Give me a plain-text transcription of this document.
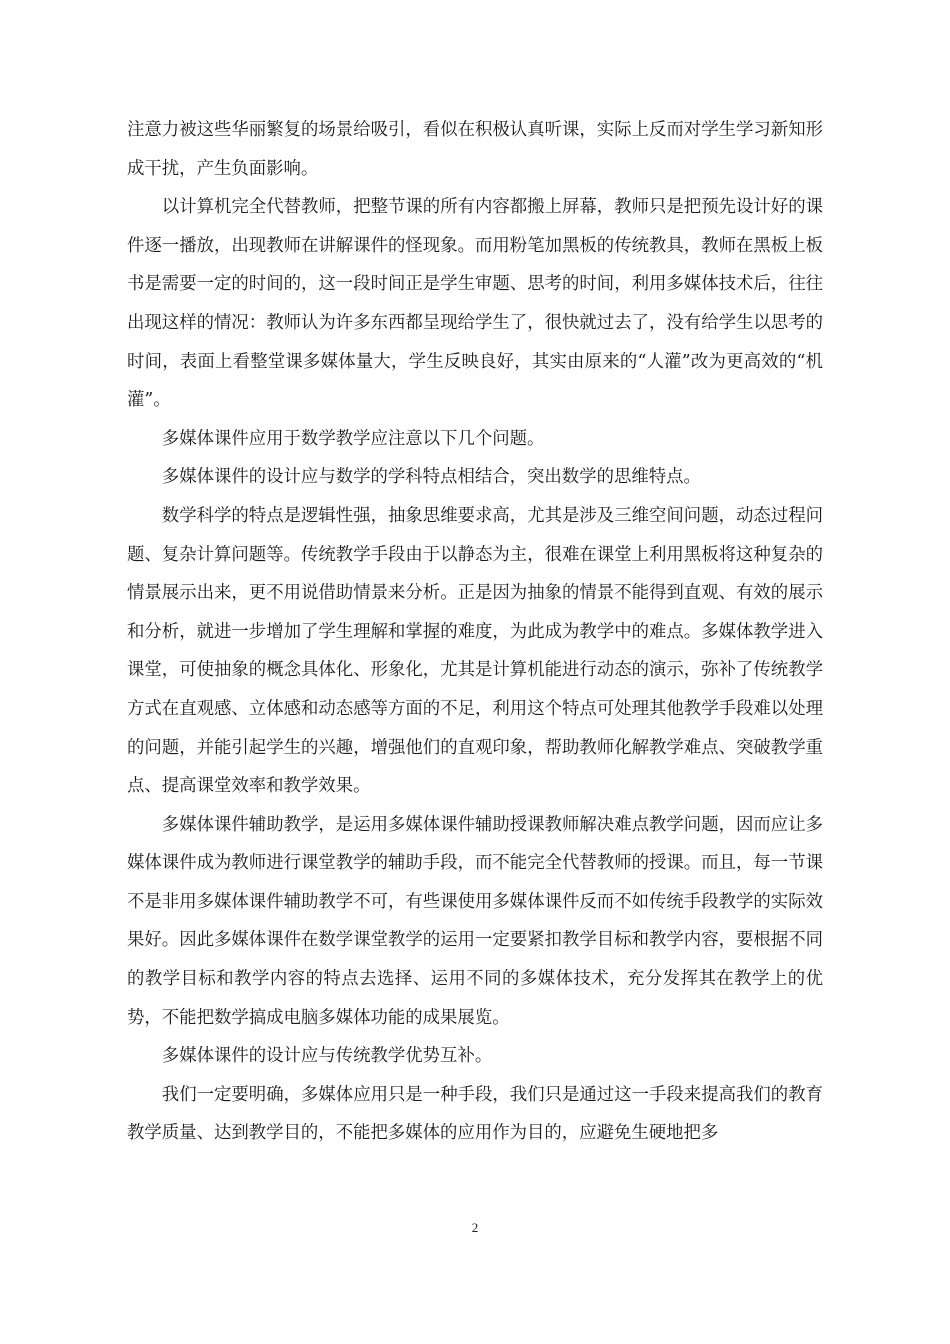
注意力被这些华丽繁复的场景给吸引，看似在积极认真听课，实际上反而对学生学习新知形成干扰，产生负面影响。

以计算机完全代替教师，把整节课的所有内容都搬上屏幕，教师只是把预先设计好的课件逐一播放，出现教师在讲解课件的怪现象。而用粉笔加黑板的传统教具，教师在黑板上板书是需要一定的时间的，这一段时间正是学生审题、思考的时间，利用多媒体技术后，往往出现这样的情况：教师认为许多东西都呈现给学生了，很快就过去了，没有给学生以思考的时间，表面上看整堂课多媒体量大，学生反映良好，其实由原来的“人灌”改为更高效的“机灌”。

多媒体课件应用于数学教学应注意以下几个问题。

多媒体课件的设计应与数学的学科特点相结合，突出数学的思维特点。

数学科学的特点是逻辑性强，抽象思维要求高，尤其是涉及三维空间问题，动态过程问题、复杂计算问题等。传统教学手段由于以静态为主，很难在课堂上利用黑板将这种复杂的情景展示出来，更不用说借助情景来分析。正是因为抽象的情景不能得到直观、有效的展示和分析，就进一步增加了学生理解和掌握的难度，为此成为教学中的难点。多媒体教学进入课堂，可使抽象的概念具体化、形象化，尤其是计算机能进行动态的演示，弥补了传统教学方式在直观感、立体感和动态感等方面的不足，利用这个特点可处理其他教学手段难以处理的问题，并能引起学生的兴趣，增强他们的直观印象，帮助教师化解教学难点、突破教学重点、提高课堂效率和教学效果。

多媒体课件辅助教学，是运用多媒体课件辅助授课教师解决难点教学问题，因而应让多媒体课件成为教师进行课堂教学的辅助手段，而不能完全代替教师的授课。而且，每一节课不是非用多媒体课件辅助教学不可，有些课使用多媒体课件反而不如传统手段教学的实际效果好。因此多媒体课件在数学课堂教学的运用一定要紧扣教学目标和教学内容，要根据不同的教学目标和教学内容的特点去选择、运用不同的多媒体技术，充分发挥其在教学上的优势，不能把数学搞成电脑多媒体功能的成果展览。

多媒体课件的设计应与传统教学优势互补。

我们一定要明确，多媒体应用只是一种手段，我们只是通过这一手段来提高我们的教育教学质量、达到教学目的，不能把多媒体的应用作为目的，应避免生硬地把多

2
